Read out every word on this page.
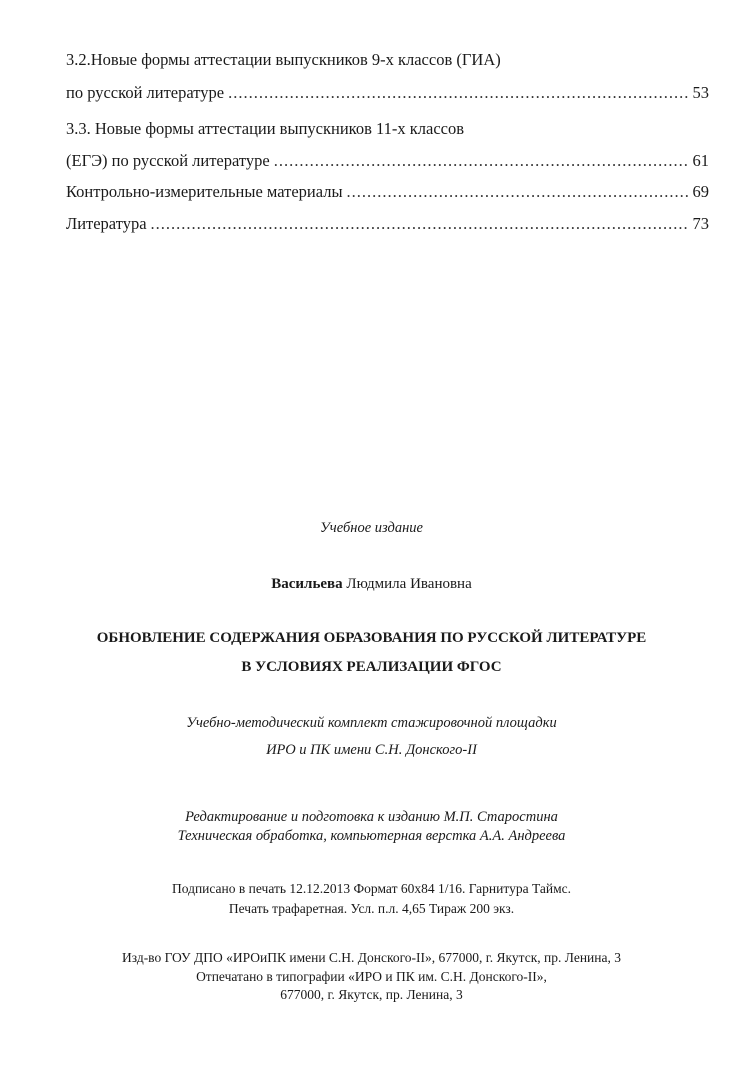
3.2.Новые формы аттестации выпускников 9-х классов (ГИА)
по русской литературе .....	53
3.3. Новые формы аттестации выпускников 11-х классов
(ЕГЭ) по русской литературе .....	61
Контрольно-измерительные материалы .....	69
Литература .....	73
Учебное издание
Васильева Людмила Ивановна
ОБНОВЛЕНИЕ СОДЕРЖАНИЯ ОБРАЗОВАНИЯ ПО РУССКОЙ ЛИТЕРАТУРЕ
В УСЛОВИЯХ РЕАЛИЗАЦИИ ФГОС
Учебно-методический комплект стажировочной площадки
ИРО и ПК имени С.Н. Донского-II
Редактирование и подготовка к изданию М.П. Старостина
Техническая обработка, компьютерная верстка А.А. Андреева
Подписано в печать 12.12.2013 Формат 60х84 1/16. Гарнитура Таймс.
Печать трафаретная. Усл. п.л. 4,65 Тираж 200 экз.
Изд-во ГОУ ДПО «ИРОиПК имени С.Н. Донского-II», 677000, г. Якутск, пр. Ленина, 3
Отпечатано в типографии «ИРО и ПК им. С.Н. Донского-II»,
677000, г. Якутск, пр. Ленина, 3
